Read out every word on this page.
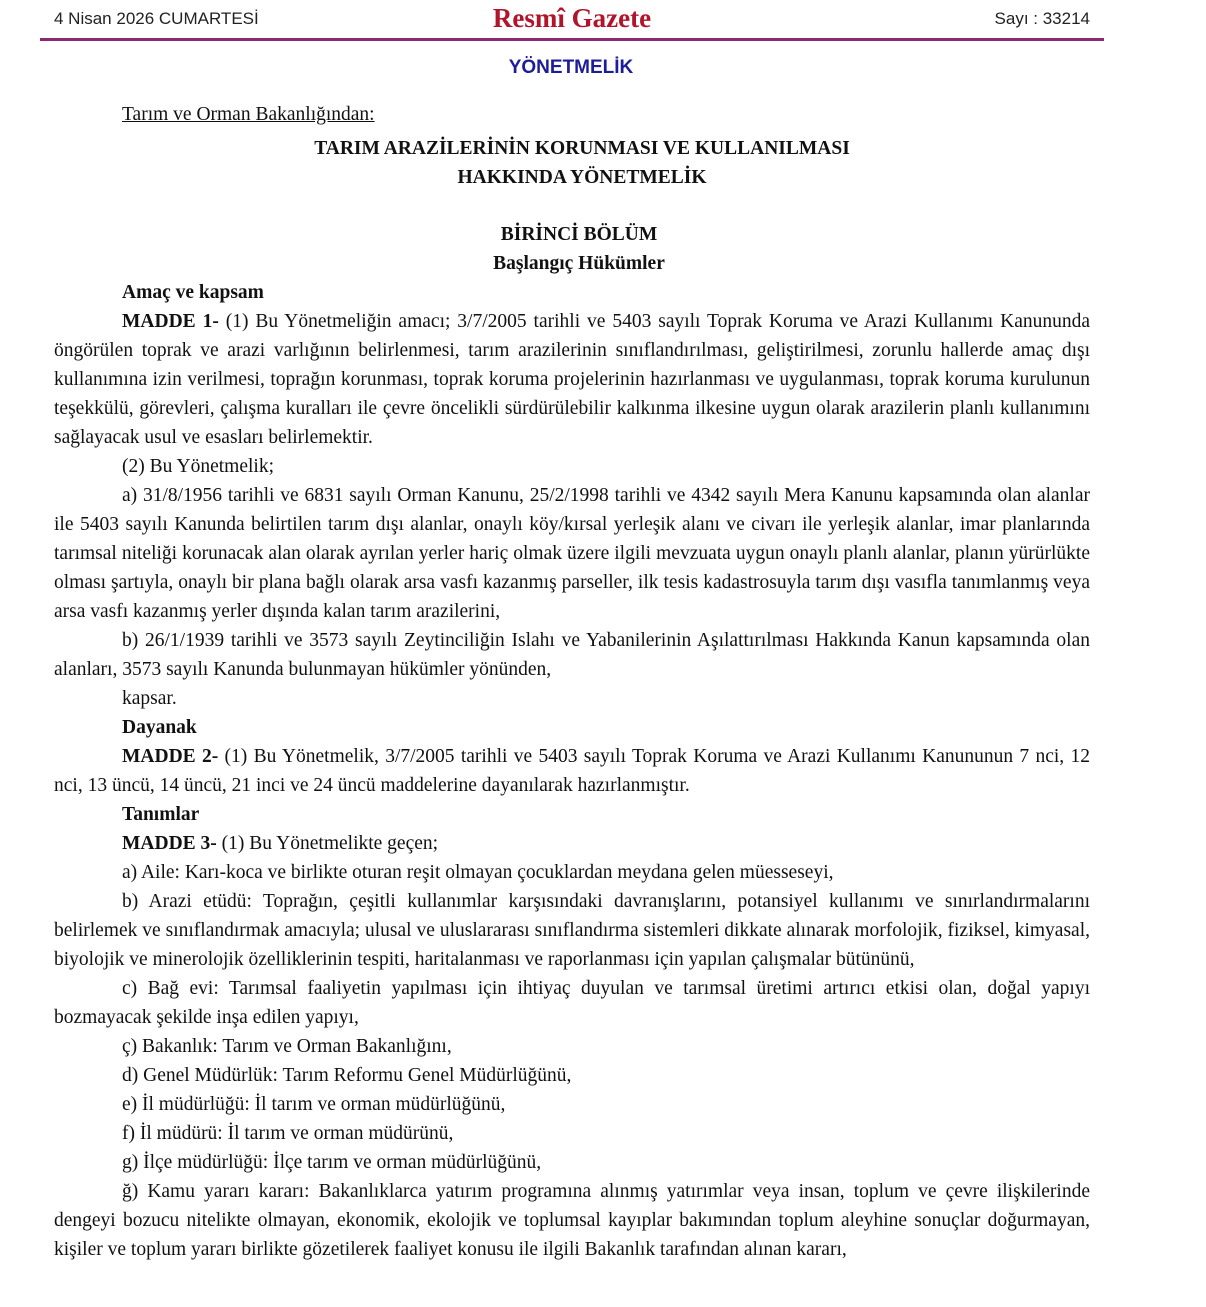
4 Nisan 2026 CUMARTESİ	Resmî Gazete	Sayı : 33214
YÖNETMELİK
Tarım ve Orman Bakanlığından:
TARIM ARAZİLERİNİN KORUNMASI VE KULLANILMASI
HAKKINDA YÖNETMELİK
BİRİNCİ BÖLÜM
Başlangıç Hükümler
Amaç ve kapsam

MADDE 1- (1) Bu Yönetmeliğin amacı; 3/7/2005 tarihli ve 5403 sayılı Toprak Koruma ve Arazi Kullanımı Kanununda öngörülen toprak ve arazi varlığının belirlenmesi, tarım arazilerinin sınıflandırılması, geliştirilmesi, zorunlu hallerde amaç dışı kullanımına izin verilmesi, toprağın korunması, toprak koruma projelerinin hazırlanması ve uygulanması, toprak koruma kurulunun teşekkülü, görevleri, çalışma kuralları ile çevre öncelikli sürdürülebilir kalkınma ilkesine uygun olarak arazilerin planlı kullanımını sağlayacak usul ve esasları belirlemektir.

(2) Bu Yönetmelik;

a) 31/8/1956 tarihli ve 6831 sayılı Orman Kanunu, 25/2/1998 tarihli ve 4342 sayılı Mera Kanunu kapsamında olan alanlar ile 5403 sayılı Kanunda belirtilen tarım dışı alanlar, onaylı köy/kırsal yerleşik alanı ve civarı ile yerleşik alanlar, imar planlarında tarımsal niteliği korunacak alan olarak ayrılan yerler hariç olmak üzere ilgili mevzuata uygun onaylı planlı alanlar, planın yürürlükte olması şartıyla, onaylı bir plana bağlı olarak arsa vasfı kazanmış parseller, ilk tesis kadastrosuyla tarım dışı vasıfla tanımlanmış veya arsa vasfı kazanmış yerler dışında kalan tarım arazilerini,

b) 26/1/1939 tarihli ve 3573 sayılı Zeytinciliğin Islahı ve Yabanilerinin Aşılattırılması Hakkında Kanun kapsamında olan alanları, 3573 sayılı Kanunda bulunmayan hükümler yönünden,

kapsar.

Dayanak

MADDE 2- (1) Bu Yönetmelik, 3/7/2005 tarihli ve 5403 sayılı Toprak Koruma ve Arazi Kullanımı Kanununun 7 nci, 12 nci, 13 üncü, 14 üncü, 21 inci ve 24 üncü maddelerine dayanılarak hazırlanmıştır.

Tanımlar

MADDE 3- (1) Bu Yönetmelikte geçen;

a) Aile: Karı-koca ve birlikte oturan reşit olmayan çocuklardan meydana gelen müesseseyi,

b) Arazi etüdü: Toprağın, çeşitli kullanımlar karşısındaki davranışlarını, potansiyel kullanımı ve sınırlandırmalarını belirlemek ve sınıflandırmak amacıyla; ulusal ve uluslararası sınıflandırma sistemleri dikkate alınarak morfolojik, fiziksel, kimyasal, biyolojik ve minerolojik özelliklerinin tespiti, haritalanması ve raporlanması için yapılan çalışmalar bütününü,

c) Bağ evi: Tarımsal faaliyetin yapılması için ihtiyaç duyulan ve tarımsal üretimi artırıcı etkisi olan, doğal yapıyı bozmayacak şekilde inşa edilen yapıyı,

ç) Bakanlık: Tarım ve Orman Bakanlığını,

d) Genel Müdürlük: Tarım Reformu Genel Müdürlüğünü,

e) İl müdürlüğü: İl tarım ve orman müdürlüğünü,

f) İl müdürü: İl tarım ve orman müdürünü,

g) İlçe müdürlüğü: İlçe tarım ve orman müdürlüğünü,

ğ) Kamu yararı kararı: Bakanlıklarca yatırım programına alınmış yatırımlar veya insan, toplum ve çevre ilişkilerinde dengeyi bozucu nitelikte olmayan, ekonomik, ekolojik ve toplumsal kayıplar bakımından toplum aleyhine sonuçlar doğurmayan, kişiler ve toplum yararı birlikte gözetilerek faaliyet konusu ile ilgili Bakanlık tarafından alınan kararı,
